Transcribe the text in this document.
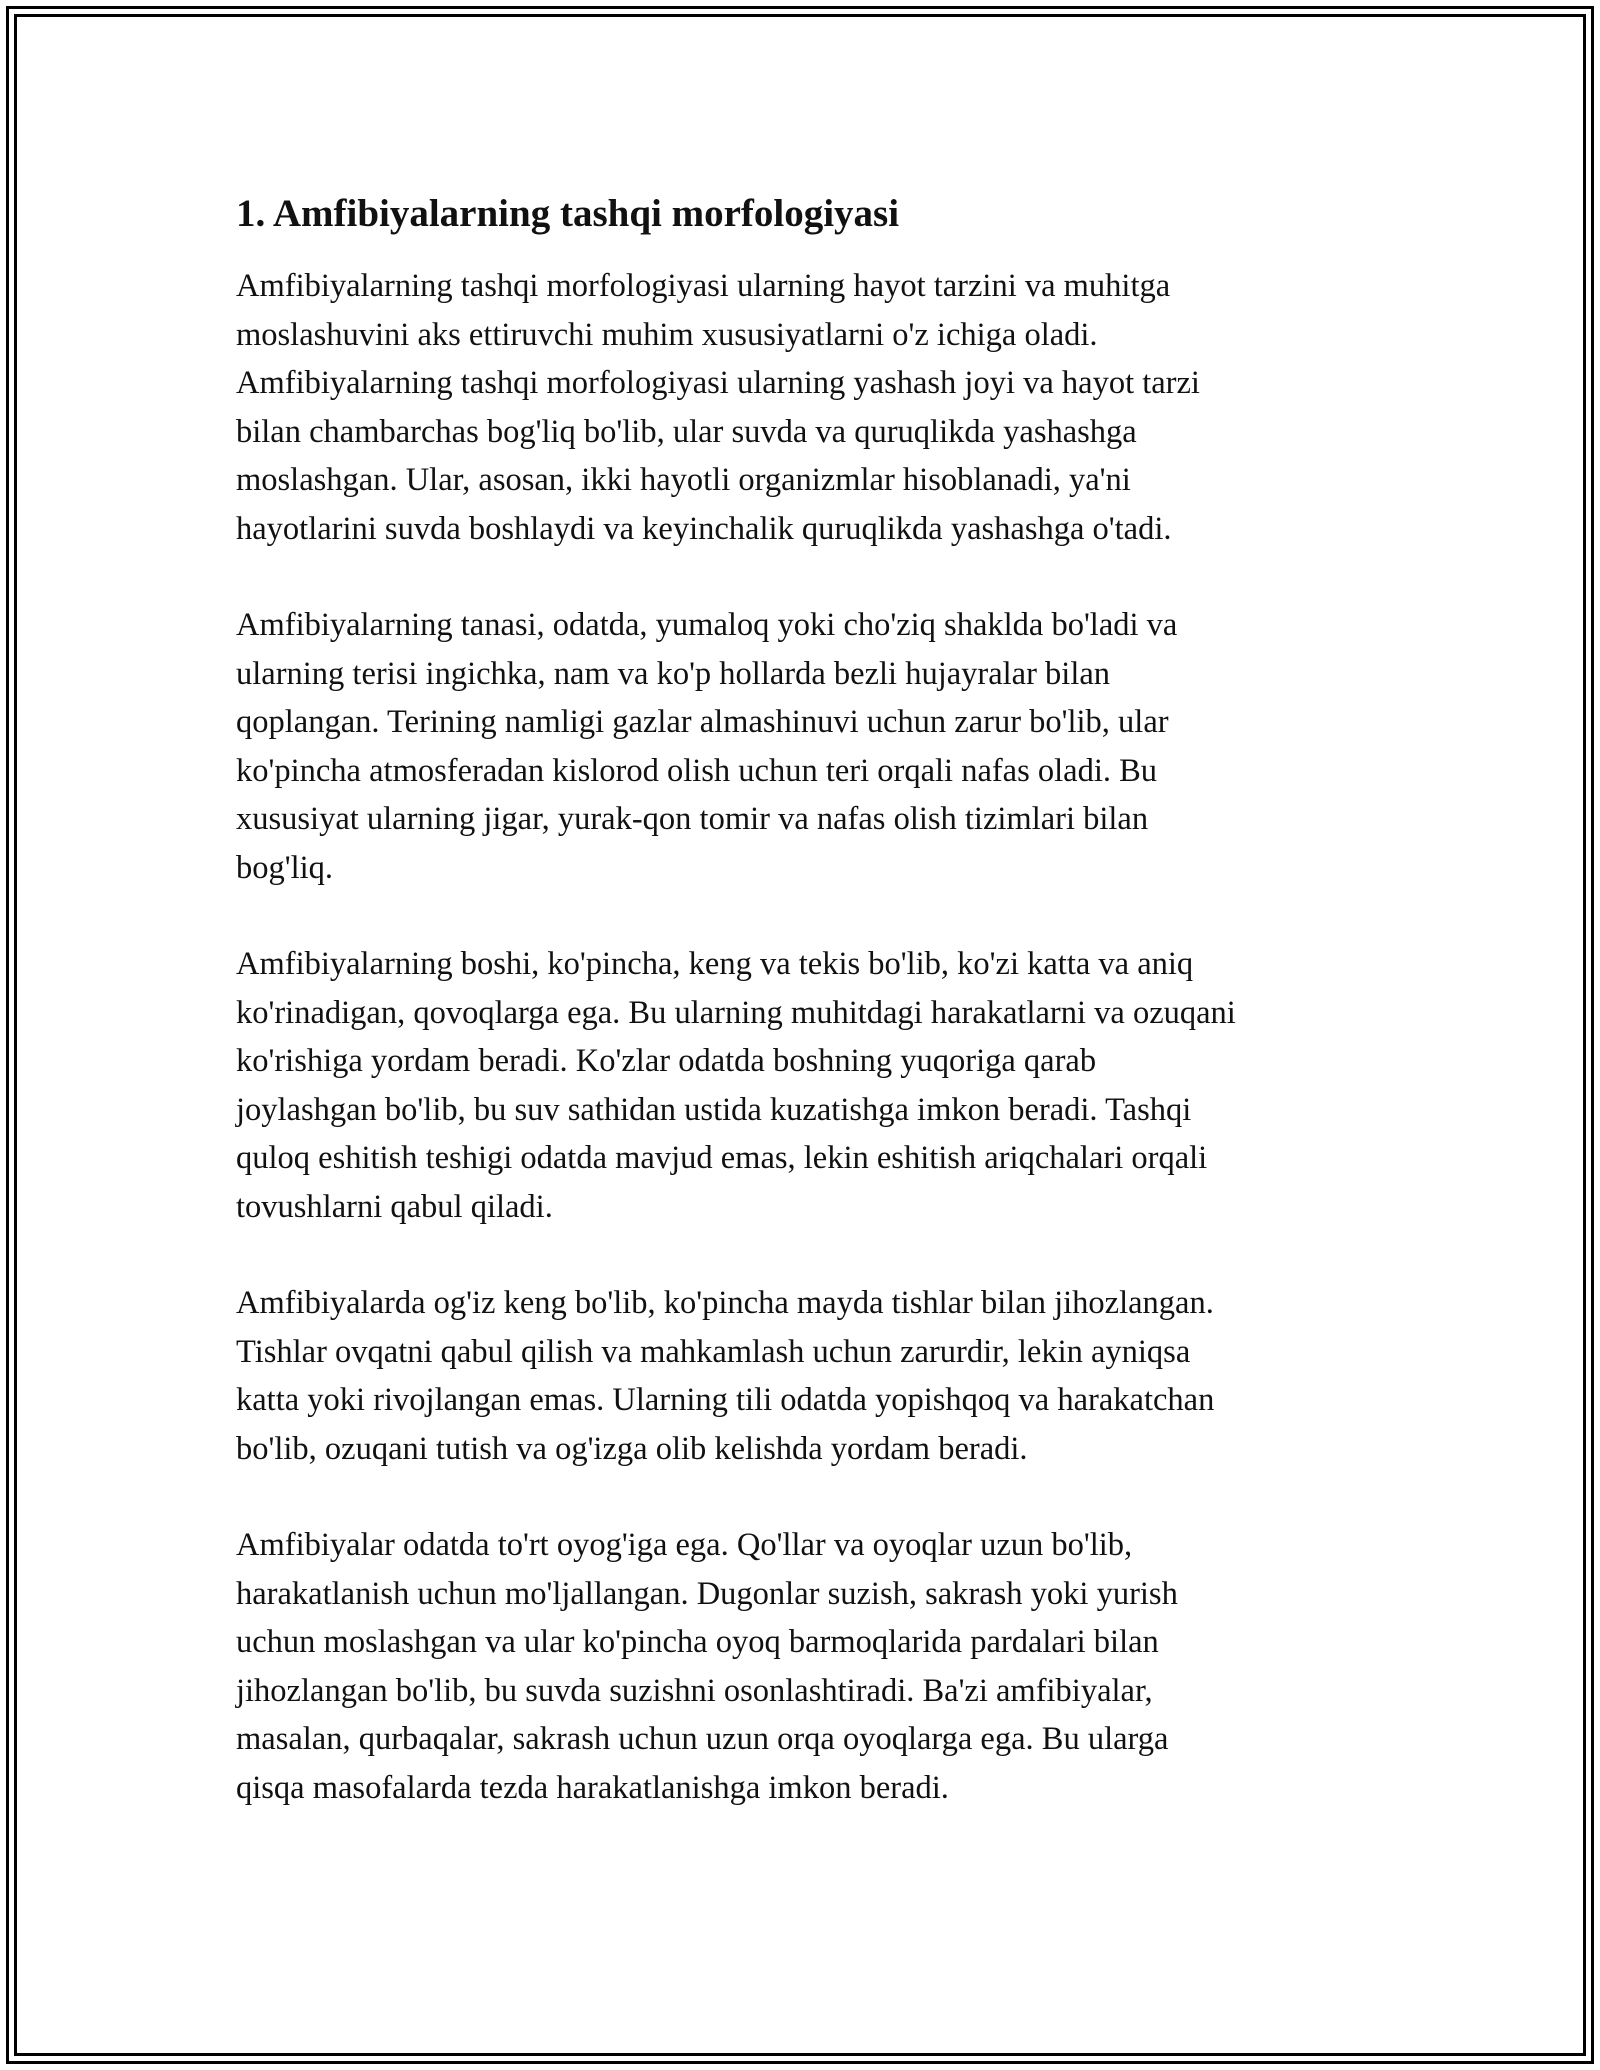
1. Amfibiyalarning tashqi morfologiyasi

Amfibiyalarning tashqi morfologiyasi ularning hayot tarzini va muhitga
moslashuvini aks ettiruvchi muhim xususiyatlarni o'z ichiga oladi.
Amfibiyalarning tashqi morfologiyasi ularning yashash joyi va hayot tarzi
bilan chambarchas bog'liq bo'lib, ular suvda va quruqlikda yashashga
moslashgan. Ular, asosan, ikki hayotli organizmlar hisoblanadi, ya'ni
hayotlarini suvda boshlaydi va keyinchalik quruqlikda yashashga o'tadi.

Amfibiyalarning tanasi, odatda, yumaloq yoki cho'ziq shaklda bo'ladi va
ularning terisi ingichka, nam va ko'p hollarda bezli hujayralar bilan
qoplangan. Terining namligi gazlar almashinuvi uchun zarur bo'lib, ular
ko'pincha atmosferadan kislorod olish uchun teri orqali nafas oladi. Bu
xususiyat ularning jigar, yurak-qon tomir va nafas olish tizimlari bilan
bog'liq.

Amfibiyalarning boshi, ko'pincha, keng va tekis bo'lib, ko'zi katta va aniq
ko'rinadigan, qovoqlarga ega. Bu ularning muhitdagi harakatlarni va ozuqani
ko'rishiga yordam beradi. Ko'zlar odatda boshning yuqoriga qarab
joylashgan bo'lib, bu suv sathidan ustida kuzatishga imkon beradi. Tashqi
quloq eshitish teshigi odatda mavjud emas, lekin eshitish ariqchalari orqali
tovushlarni qabul qiladi.

Amfibiyalarda og'iz keng bo'lib, ko'pincha mayda tishlar bilan jihozlangan.
Tishlar ovqatni qabul qilish va mahkamlash uchun zarurdir, lekin ayniqsa
katta yoki rivojlangan emas. Ularning tili odatda yopishqoq va harakatchan
bo'lib, ozuqani tutish va og'izga olib kelishda yordam beradi.

Amfibiyalar odatda to'rt oyog'iga ega. Qo'llar va oyoqlar uzun bo'lib,
harakatlanish uchun mo'ljallangan. Dugonlar suzish, sakrash yoki yurish
uchun moslashgan va ular ko'pincha oyoq barmoqlarida pardalari bilan
jihozlangan bo'lib, bu suvda suzishni osonlashtiradi. Ba'zi amfibiyalar,
masalan, qurbaqalar, sakrash uchun uzun orqa oyoqlarga ega. Bu ularga
qisqa masofalarda tezda harakatlanishga imkon beradi.
